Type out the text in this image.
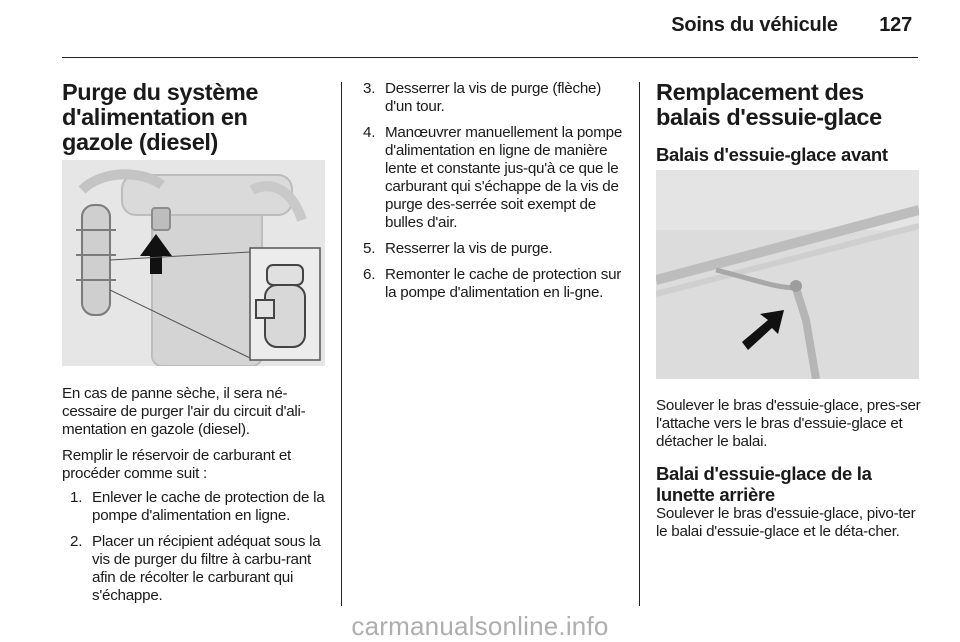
Soins du véhicule 127
Purge du système d'alimentation en gazole (diesel)

En cas de panne sèche, il sera né-cessaire de purger l'air du circuit d'ali-mentation en gazole (diesel).

Remplir le réservoir de carburant et procéder comme suit :

1. Enlever le cache de protection de la pompe d'alimentation en ligne.
2. Placer un récipient adéquat sous la vis de purger du filtre à carbu-rant afin de récolter le carburant qui s'échappe.
3. Desserrer la vis de purge (flèche) d'un tour.
4. Manœuvrer manuellement la pompe d'alimentation en ligne de manière lente et constante jus-qu'à ce que le carburant qui s'échappe de la vis de purge des-serrée soit exempt de bulles d'air.
5. Resserrer la vis de purge.
6. Remonter le cache de protection sur la pompe d'alimentation en li-gne.
Remplacement des balais d'essuie-glace
Balais d'essuie-glace avant

Soulever le bras d'essuie-glace, pres-ser l'attache vers le bras d'essuie-glace et détacher le balai.

Balai d'essuie-glace de la lunette arrière

Soulever le bras d'essuie-glace, pivo-ter le balai d'essuie-glace et le déta-cher.

carmanualsonline.info
